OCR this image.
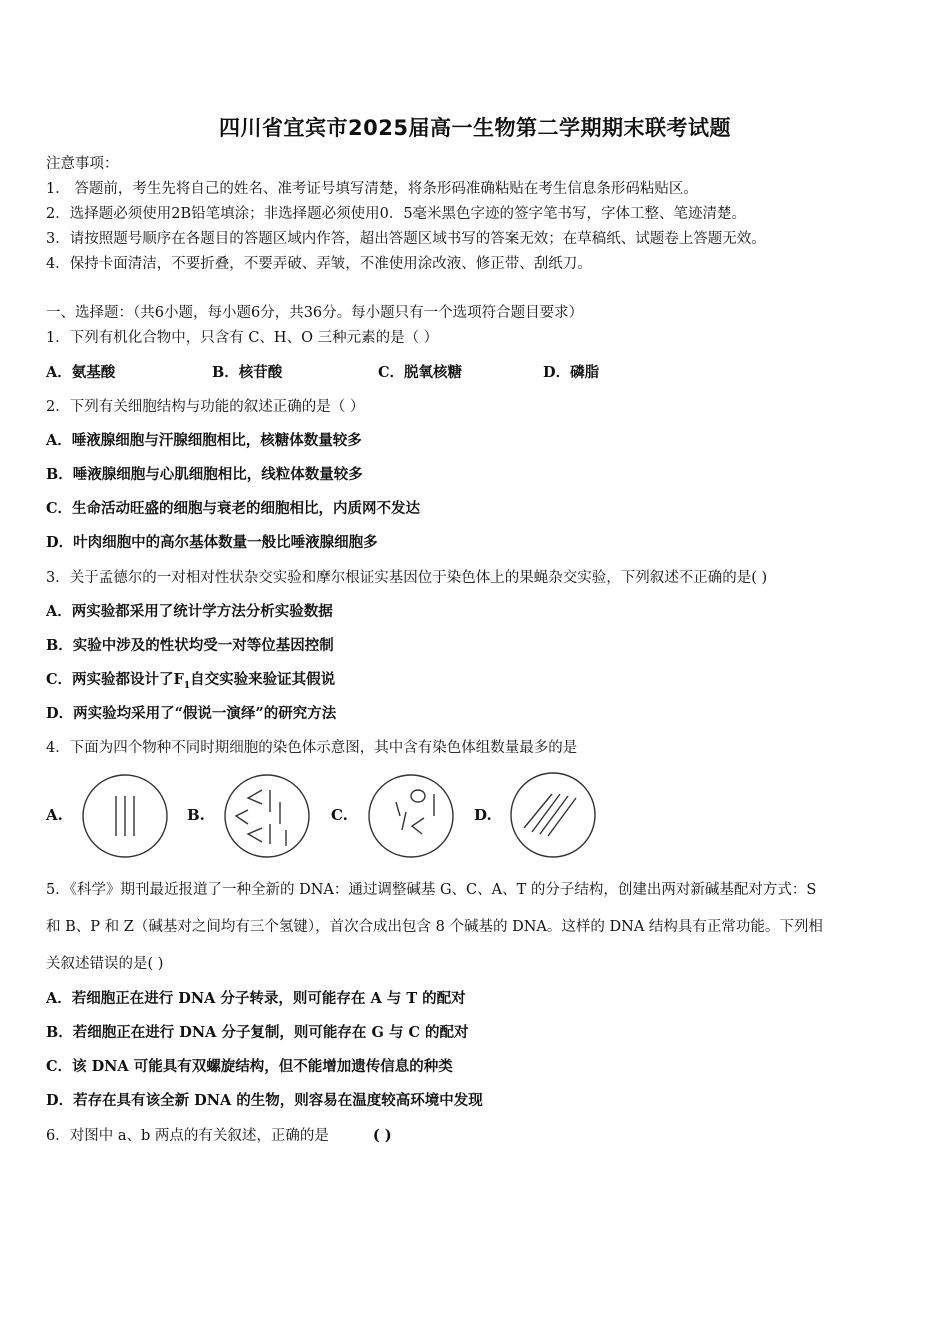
四川省宜宾市2025届高一生物第二学期期末联考试题
注意事项：
1． 答题前，考生先将自己的姓名、准考证号填写清楚，将条形码准确粘贴在考生信息条形码粘贴区。
2．选择题必须使用2B铅笔填涂；非选择题必须使用0．5毫米黑色字迹的签字笔书写，字体工整、笔迹清楚。
3．请按照题号顺序在各题目的答题区域内作答，超出答题区域书写的答案无效；在草稿纸、试题卷上答题无效。
4．保持卡面清洁，不要折叠，不要弄破、弄皱，不准使用涂改液、修正带、刮纸刀。
一、选择题：（共6小题，每小题6分，共36分。每小题只有一个选项符合题目要求）
1．下列有机化合物中，只含有 C、H、O 三种元素的是（ ）
A．氨基酸	B．核苷酸	C．脱氧核糖	D．磷脂
2．下列有关细胞结构与功能的叙述正确的是（ ）
A．唾液腺细胞与汗腺细胞相比，核糖体数量较多
B．唾液腺细胞与心肌细胞相比，线粒体数量较多
C．生命活动旺盛的细胞与衰老的细胞相比，内质网不发达
D．叶肉细胞中的高尔基体数量一般比唾液腺细胞多
3．关于孟德尔的一对相对性状杂交实验和摩尔根证实基因位于染色体上的果蝇杂交实验，下列叙述不正确的是( )
A．两实验都采用了统计学方法分析实验数据
B．实验中涉及的性状均受一对等位基因控制
C．两实验都设计了$F_1$自交实验来验证其假说
D．两实验均采用了“假说一演绎”的研究方法
4．下面为四个物种不同时期细胞的染色体示意图，其中含有染色体组数量最多的是
A.	B.	C.	D.
5．《科学》期刊最近报道了一种全新的 DNA：通过调整碱基 G、C、A、T 的分子结构，创建出两对新碱基配对方式：S
和 B、P 和 Z（碱基对之间均有三个氢键），首次合成出包含 8 个碱基的 DNA。这样的 DNA 结构具有正常功能。下列相
关叙述错误的是( )
A．若细胞正在进行 DNA 分子转录，则可能存在 A 与 T 的配对
B．若细胞正在进行 DNA 分子复制，则可能存在 G 与 C 的配对
C．该 DNA 可能具有双螺旋结构，但不能增加遗传信息的种类
D．若存在具有该全新 DNA 的生物，则容易在温度较高环境中发现
6．对图中 a、b 两点的有关叙述，正确的是	( )
